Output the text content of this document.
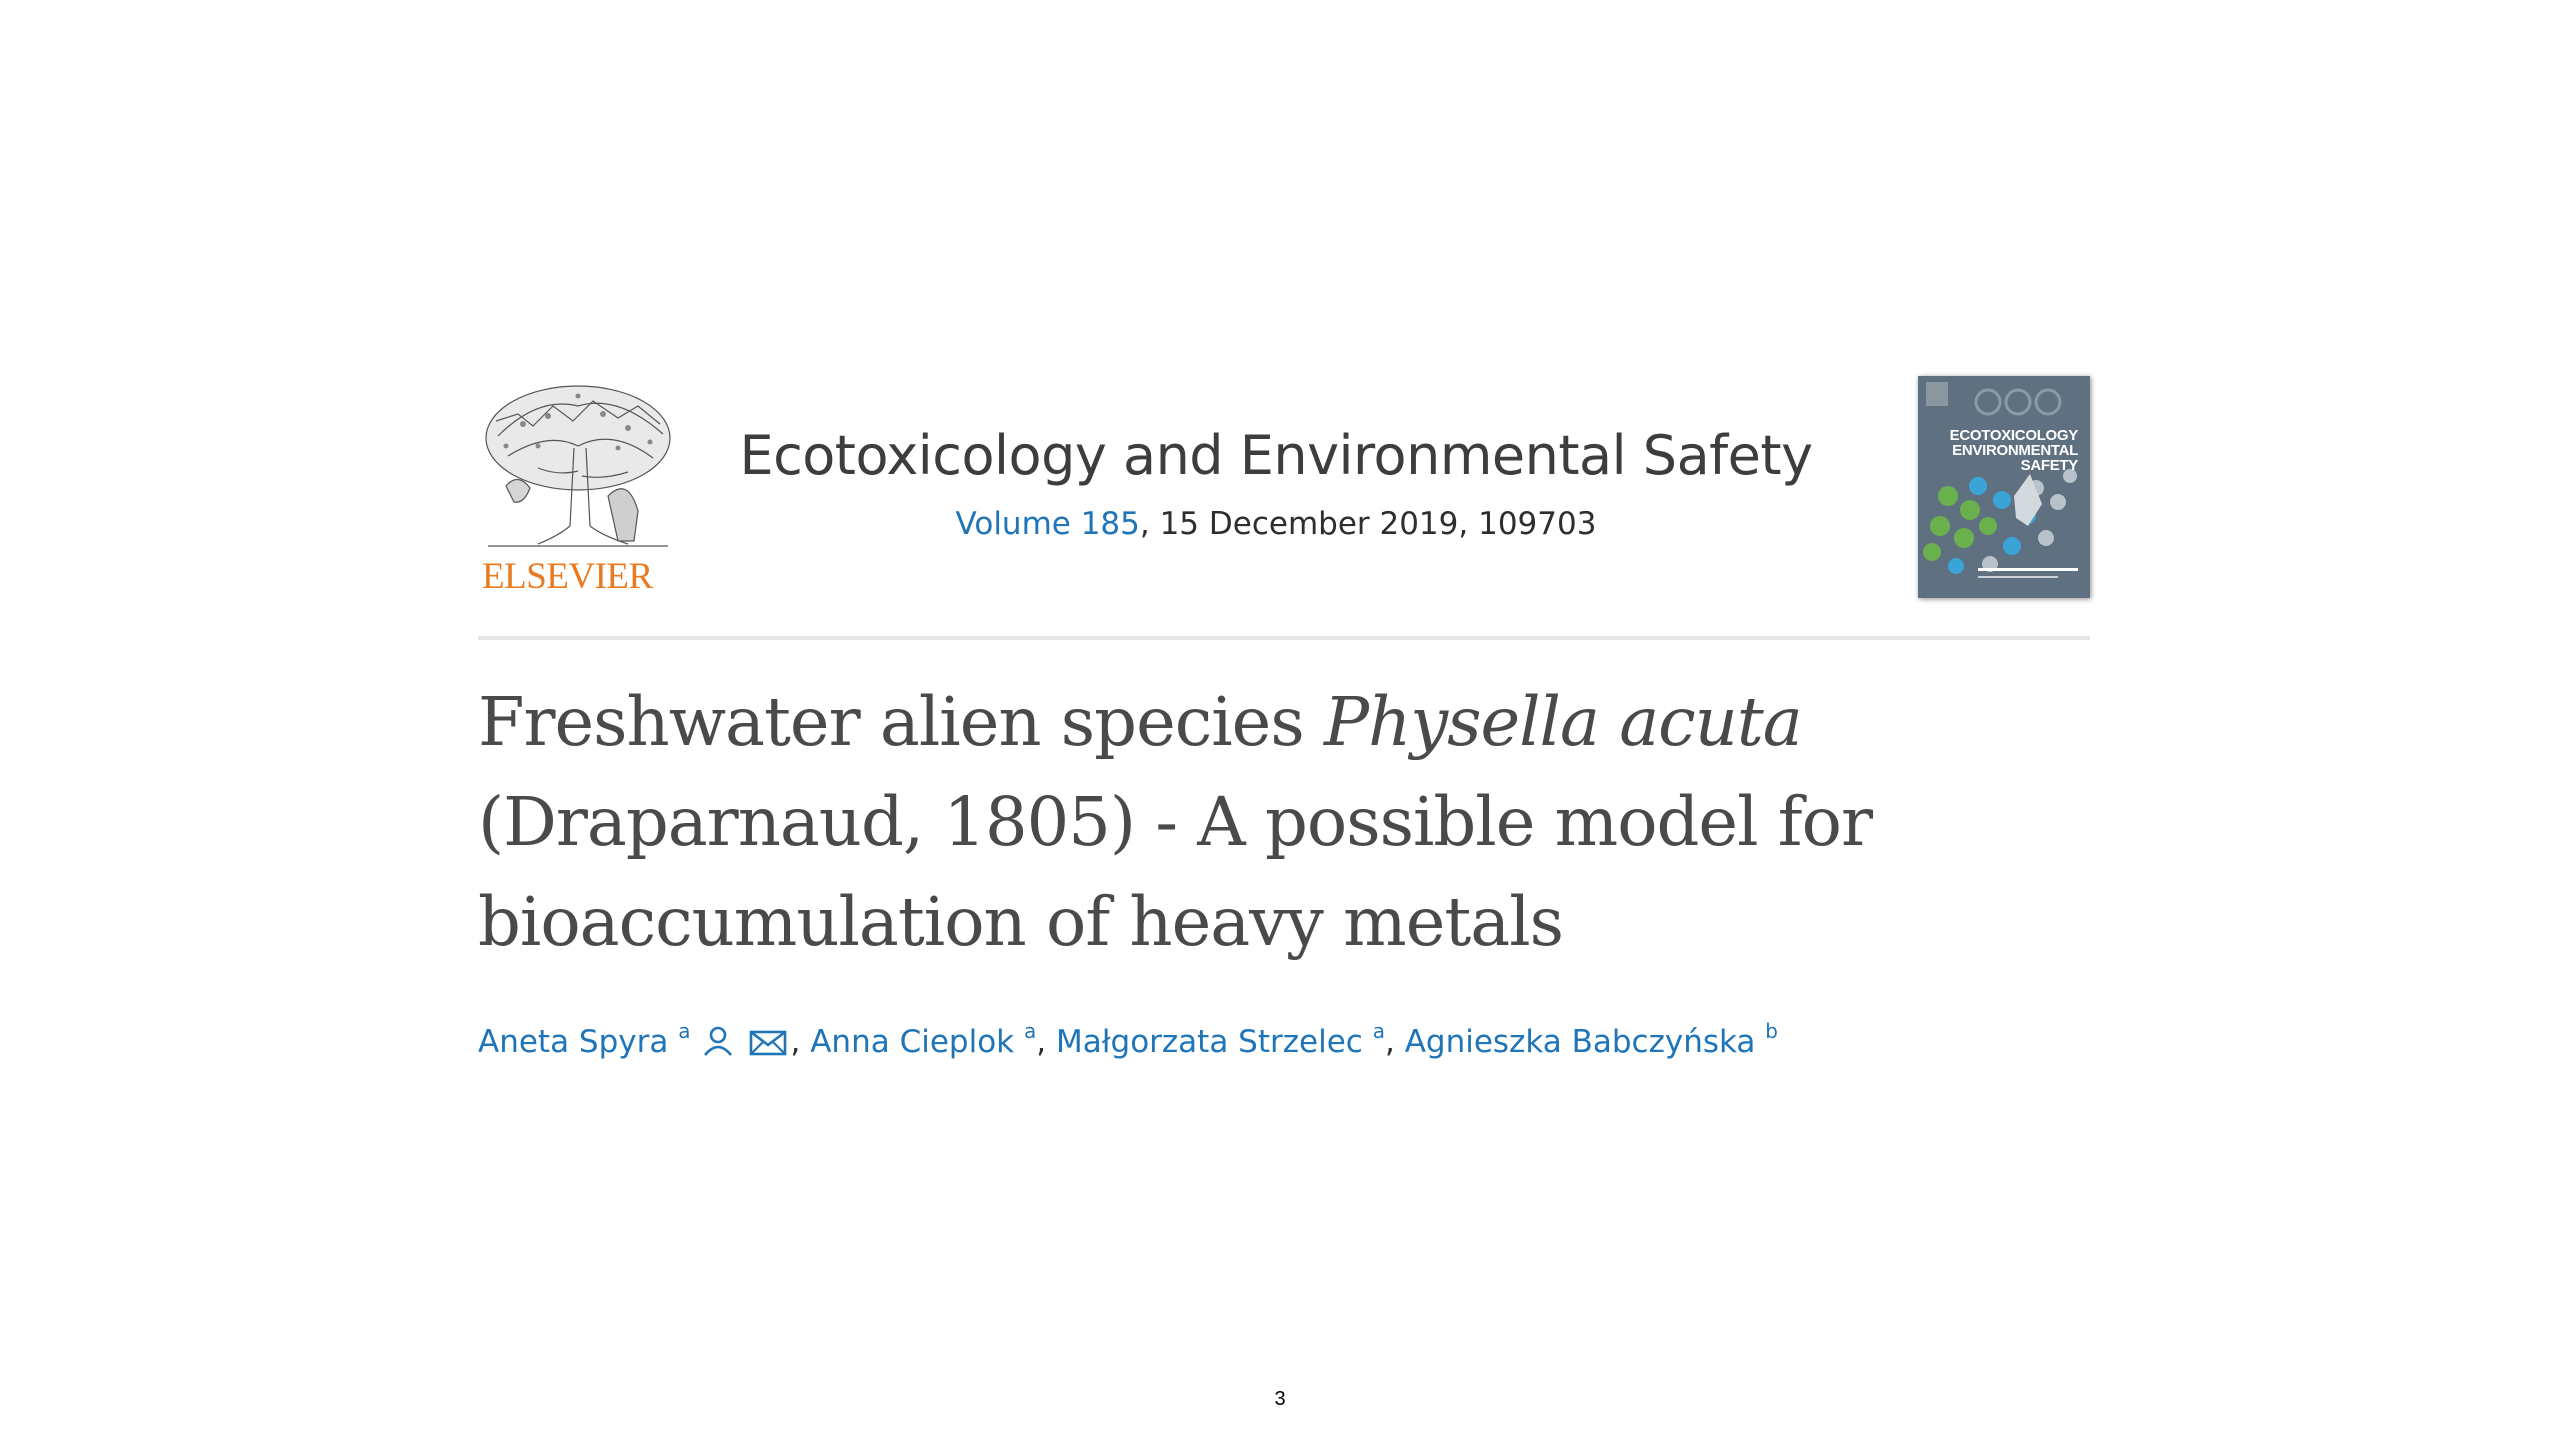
ELSEVIER
Ecotoxicology and Environmental Safety
Volume 185, 15 December 2019, 109703
ECOTOXICOLOGY
ENVIRONMENTAL
SAFETY
Freshwater alien species Physella acuta
(Draparnaud, 1805) - A possible model for
bioaccumulation of heavy metals
Aneta Spyra $^a$	, Anna Cieplok $^a$, Małgorzata Strzelec $^a$, Agnieszka Babczyńska $^b$
3
